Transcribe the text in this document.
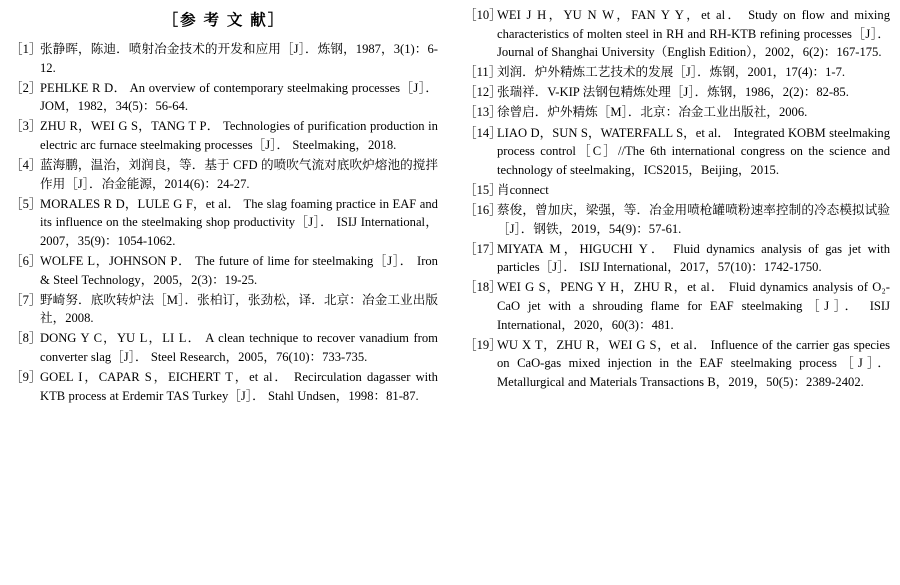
［参 考 文 献］
［1］
张静晖，陈迪．喷射冶金技术的开发和应用［J］．炼钢，1987，3(1)：6-12.
［2］
PEHLKE R D． An overview of contemporary steelmaking processes［J］． JOM，1982，34(5)：56-64.
［3］
ZHU R，WEI G S，TANG T P． Technologies of purification production in electric arc furnace steelmaking processes［J］． Steelmaking，2018.
［4］
蓝海鹏，温治，刘润良，等．基于 CFD 的喷吹气流对底吹炉熔池的搅拌作用［J］．冶金能源，2014(6)：24-27.
［5］
MORALES R D，LULE G F，et al． The slag foaming practice in EAF and its influence on the steelmaking shop productivity［J］． ISIJ International，2007，35(9)：1054-1062.
［6］
WOLFE L，JOHNSON P． The future of lime for steelmaking［J］． Iron & Steel Technology，2005，2(3)：19-25.
［7］
野崎努．底吹转炉法［M］．张柏订，张劲松，译．北京：冶金工业出版社，2008.
［8］
DONG Y C，YU L，LI L． A clean technique to recover vanadium from converter slag［J］． Steel Research，2005，76(10)：733-735.
［9］
GOEL I，CAPAR S，EICHERT T，et al． Recirculation dagasser with KTB process at Erdemir TAS Turkey［J］． Stahl Undsen，1998：81-87.
［10］
WEI J H，YU N W，FAN Y Y，et al． Study on flow and mixing characteristics of molten steel in RH and RH-KTB refining processes［J］． Journal of Shanghai University（English Edition），2002，6(2)：167-175.
［11］
刘润．炉外精炼工艺技术的发展［J］．炼钢，2001，17(4)：1-7.
［12］
张瑞祥．V-KIP 法钢包精炼处理［J］．炼钢，1986，2(2)：82-85.
［13］
徐曾启．炉外精炼［M］．北京：冶金工业出版社，2006.
［14］
LIAO D，SUN S，WATERFALL S，et al． Integrated KOBM steelmaking process control［C］//The 6th international congress on the science and technology of steelmaking，ICS2015，Beijing，2015.
［15］
肖connect
［16］
蔡俊，曾加庆，梁强，等．冶金用喷枪罐喷粉速率控制的冷态模拟试验［J］．钢铁，2019，54(9)：57-61.
［17］
MIYATA M，HIGUCHI Y． Fluid dynamics analysis of gas jet with particles［J］． ISIJ International，2017，57(10)：1742-1750.
［18］
WEI G S，PENG Y H，ZHU R，et al． Fluid dynamics analysis of O₂-CaO jet with a shrouding flame for EAF steelmaking［J］． ISIJ International，2020，60(3)：481.
［19］
WU X T，ZHU R，WEI G S，et al． Influence of the carrier gas species on CaO-gas mixed injection in the EAF steelmaking process［J］． Metallurgical and Materials Transactions B，2019，50(5)：2389-2402.
